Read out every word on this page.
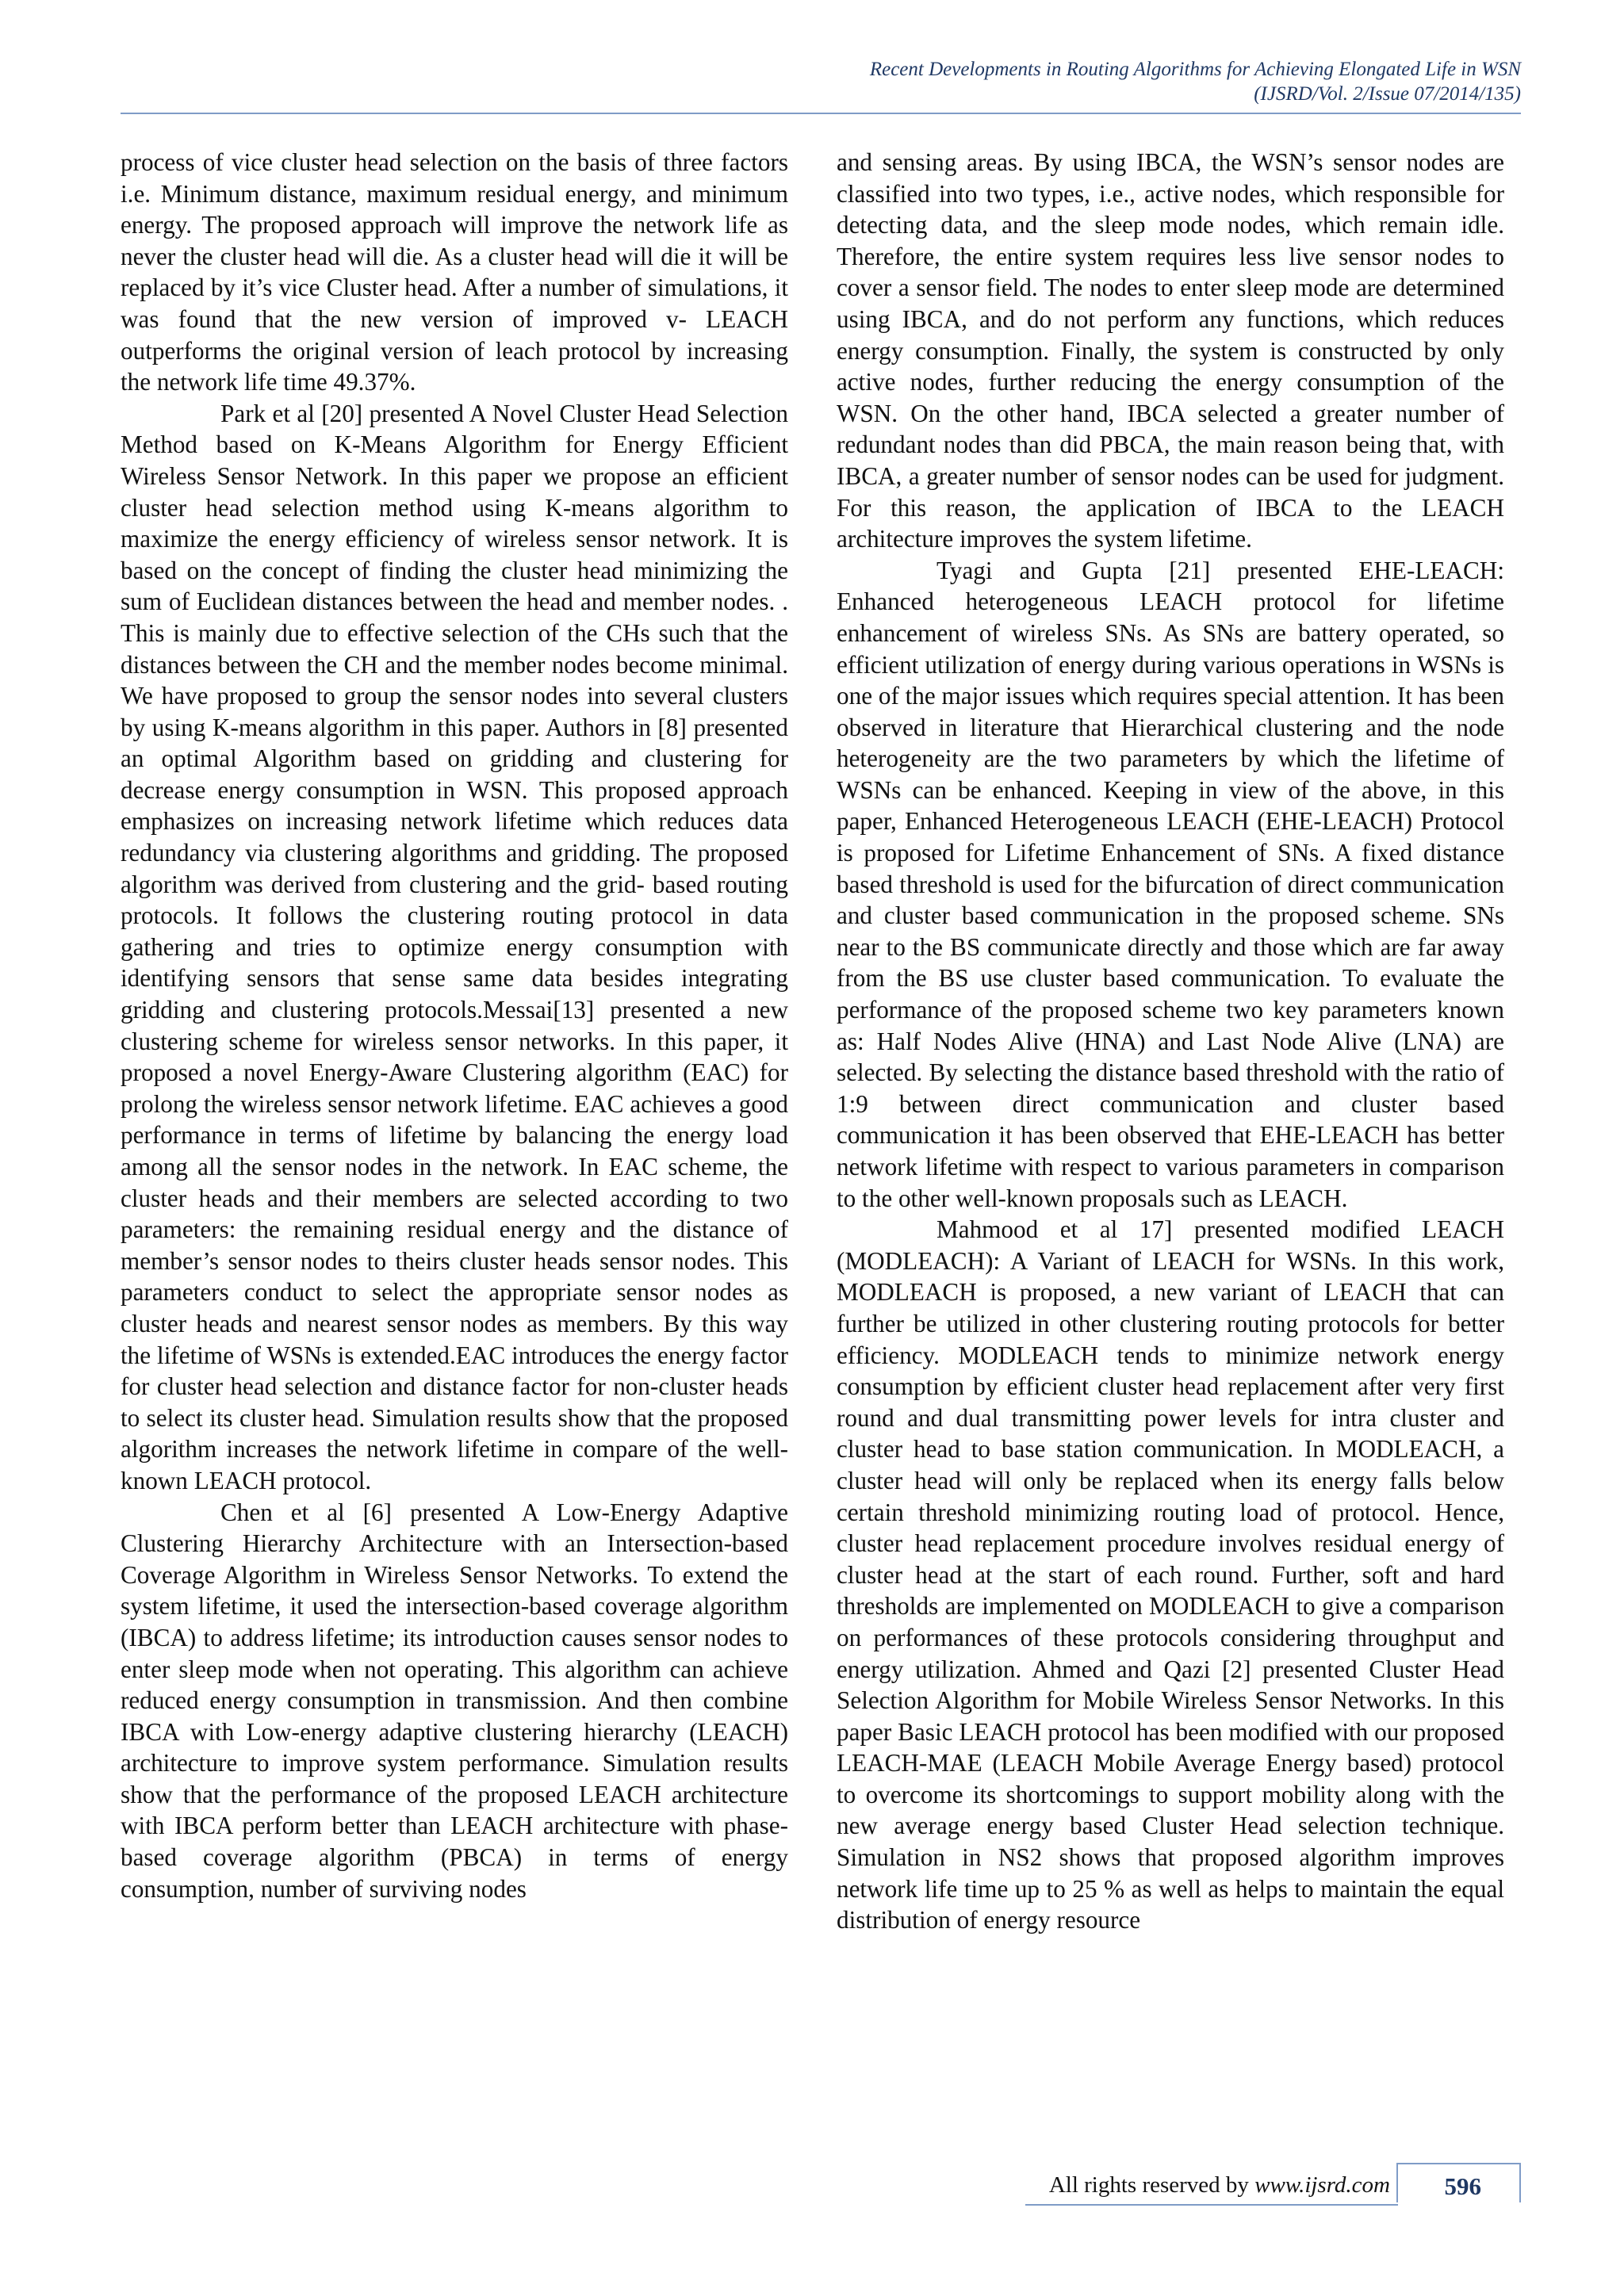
Recent Developments in Routing Algorithms for Achieving Elongated Life in WSN
(IJSRD/Vol. 2/Issue 07/2014/135)

process of vice cluster head selection on the basis of three factors i.e. Minimum distance, maximum residual energy, and minimum energy. The proposed approach will improve the network life as never the cluster head will die. As a cluster head will die it will be replaced by it’s vice Cluster head. After a number of simulations, it was found that the new version of improved v- LEACH outperforms the original version of leach protocol by increasing the network life time 49.37%.

Park et al [20] presented A Novel Cluster Head Selection Method based on K-Means Algorithm for Energy Efficient Wireless Sensor Network. In this paper we propose an efficient cluster head selection method using K-means algorithm to maximize the energy efficiency of wireless sensor network. It is based on the concept of finding the cluster head minimizing the sum of Euclidean distances between the head and member nodes. . This is mainly due to effective selection of the CHs such that the distances between the CH and the member nodes become minimal. We have proposed to group the sensor nodes into several clusters by using K-means algorithm in this paper. Authors in [8] presented an optimal Algorithm based on gridding and clustering for decrease energy consumption in WSN. This proposed approach emphasizes on increasing network lifetime which reduces data redundancy via clustering algorithms and gridding. The proposed algorithm was derived from clustering and the grid- based routing protocols. It follows the clustering routing protocol in data gathering and tries to optimize energy consumption with identifying sensors that sense same data besides integrating gridding and clustering protocols.Messai[13] presented a new clustering scheme for wireless sensor networks. In this paper, it proposed a novel Energy-Aware Clustering algorithm (EAC) for prolong the wireless sensor network lifetime. EAC achieves a good performance in terms of lifetime by balancing the energy load among all the sensor nodes in the network. In EAC scheme, the cluster heads and their members are selected according to two parameters: the remaining residual energy and the distance of member’s sensor nodes to theirs cluster heads sensor nodes. This parameters conduct to select the appropriate sensor nodes as cluster heads and nearest sensor nodes as members. By this way the lifetime of WSNs is extended.EAC introduces the energy factor for cluster head selection and distance factor for non-cluster heads to select its cluster head. Simulation results show that the proposed algorithm increases the network lifetime in compare of the well-known LEACH protocol.

Chen et al [6] presented A Low-Energy Adaptive Clustering Hierarchy Architecture with an Intersection-based Coverage Algorithm in Wireless Sensor Networks. To extend the system lifetime, it used the intersection-based coverage algorithm (IBCA) to address lifetime; its introduction causes sensor nodes to enter sleep mode when not operating. This algorithm can achieve reduced energy consumption in transmission. And then combine IBCA with Low-energy adaptive clustering hierarchy (LEACH) architecture to improve system performance. Simulation results show that the performance of the proposed LEACH architecture with IBCA perform better than LEACH architecture with phase-based coverage algorithm (PBCA) in terms of energy consumption, number of surviving nodes

and sensing areas. By using IBCA, the WSN’s sensor nodes are classified into two types, i.e., active nodes, which responsible for detecting data, and the sleep mode nodes, which remain idle. Therefore, the entire system requires less live sensor nodes to cover a sensor field. The nodes to enter sleep mode are determined using IBCA, and do not perform any functions, which reduces energy consumption. Finally, the system is constructed by only active nodes, further reducing the energy consumption of the WSN. On the other hand, IBCA selected a greater number of redundant nodes than did PBCA, the main reason being that, with IBCA, a greater number of sensor nodes can be used for judgment. For this reason, the application of IBCA to the LEACH architecture improves the system lifetime.

Tyagi and Gupta [21] presented EHE-LEACH: Enhanced heterogeneous LEACH protocol for lifetime enhancement of wireless SNs. As SNs are battery operated, so efficient utilization of energy during various operations in WSNs is one of the major issues which requires special attention. It has been observed in literature that Hierarchical clustering and the node heterogeneity are the two parameters by which the lifetime of WSNs can be enhanced. Keeping in view of the above, in this paper, Enhanced Heterogeneous LEACH (EHE-LEACH) Protocol is proposed for Lifetime Enhancement of SNs. A fixed distance based threshold is used for the bifurcation of direct communication and cluster based communication in the proposed scheme. SNs near to the BS communicate directly and those which are far away from the BS use cluster based communication. To evaluate the performance of the proposed scheme two key parameters known as: Half Nodes Alive (HNA) and Last Node Alive (LNA) are selected. By selecting the distance based threshold with the ratio of 1:9 between direct communication and cluster based communication it has been observed that EHE-LEACH has better network lifetime with respect to various parameters in comparison to the other well-known proposals such as LEACH.

Mahmood et al 17] presented modified LEACH (MODLEACH): A Variant of LEACH for WSNs. In this work, MODLEACH is proposed, a new variant of LEACH that can further be utilized in other clustering routing protocols for better efficiency. MODLEACH tends to minimize network energy consumption by efficient cluster head replacement after very first round and dual transmitting power levels for intra cluster and cluster head to base station communication. In MODLEACH, a cluster head will only be replaced when its energy falls below certain threshold minimizing routing load of protocol. Hence, cluster head replacement procedure involves residual energy of cluster head at the start of each round. Further, soft and hard thresholds are implemented on MODLEACH to give a comparison on performances of these protocols considering throughput and energy utilization. Ahmed and Qazi [2] presented Cluster Head Selection Algorithm for Mobile Wireless Sensor Networks. In this paper Basic LEACH protocol has been modified with our proposed LEACH-MAE (LEACH Mobile Average Energy based) protocol to overcome its shortcomings to support mobility along with the new average energy based Cluster Head selection technique. Simulation in NS2 shows that proposed algorithm improves network life time up to 25 % as well as helps to maintain the equal distribution of energy resource

All rights reserved by www.ijsrd.com 596
